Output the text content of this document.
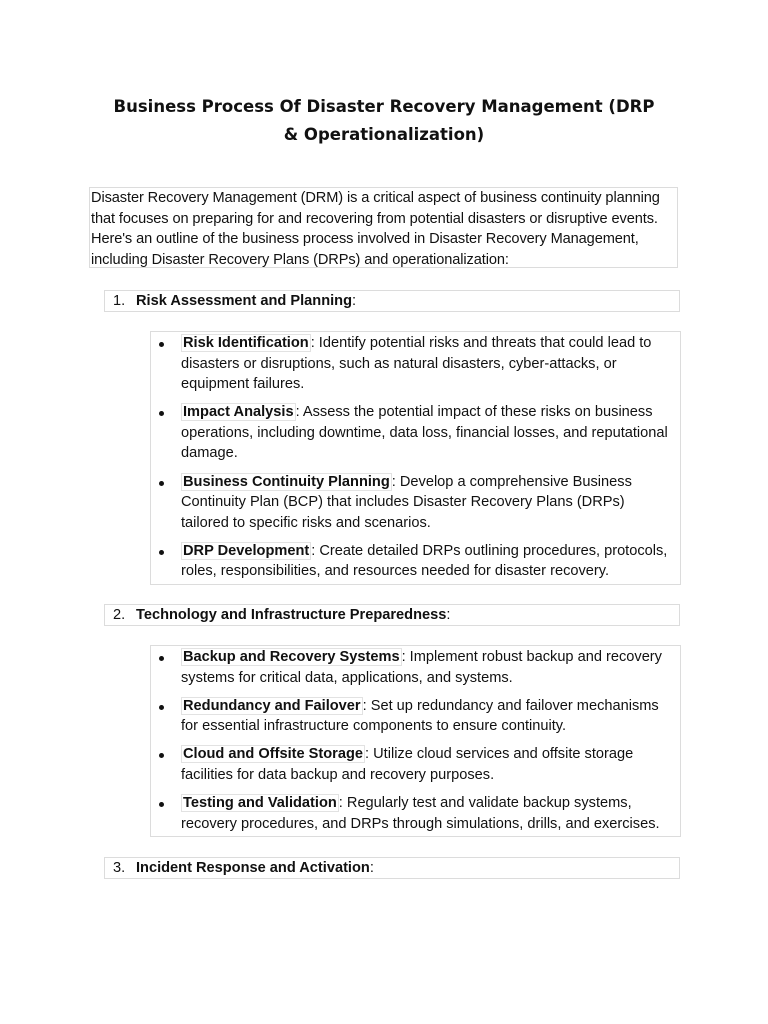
Business Process Of Disaster Recovery Management (DRP & Operationalization)
Disaster Recovery Management (DRM) is a critical aspect of business continuity planning that focuses on preparing for and recovering from potential disasters or disruptive events. Here's an outline of the business process involved in Disaster Recovery Management, including Disaster Recovery Plans (DRPs) and operationalization:
1. Risk Assessment and Planning:
Risk Identification : Identify potential risks and threats that could lead to disasters or disruptions, such as natural disasters, cyber-attacks, or equipment failures.
Impact Analysis : Assess the potential impact of these risks on business operations, including downtime, data loss, financial losses, and reputational damage.
Business Continuity Planning : Develop a comprehensive Business Continuity Plan (BCP) that includes Disaster Recovery Plans (DRPs) tailored to specific risks and scenarios.
DRP Development : Create detailed DRPs outlining procedures, protocols, roles, responsibilities, and resources needed for disaster recovery.
2. Technology and Infrastructure Preparedness:
Backup and Recovery Systems : Implement robust backup and recovery systems for critical data, applications, and systems.
Redundancy and Failover : Set up redundancy and failover mechanisms for essential infrastructure components to ensure continuity.
Cloud and Offsite Storage : Utilize cloud services and offsite storage facilities for data backup and recovery purposes.
Testing and Validation : Regularly test and validate backup systems, recovery procedures, and DRPs through simulations, drills, and exercises.
3. Incident Response and Activation:
